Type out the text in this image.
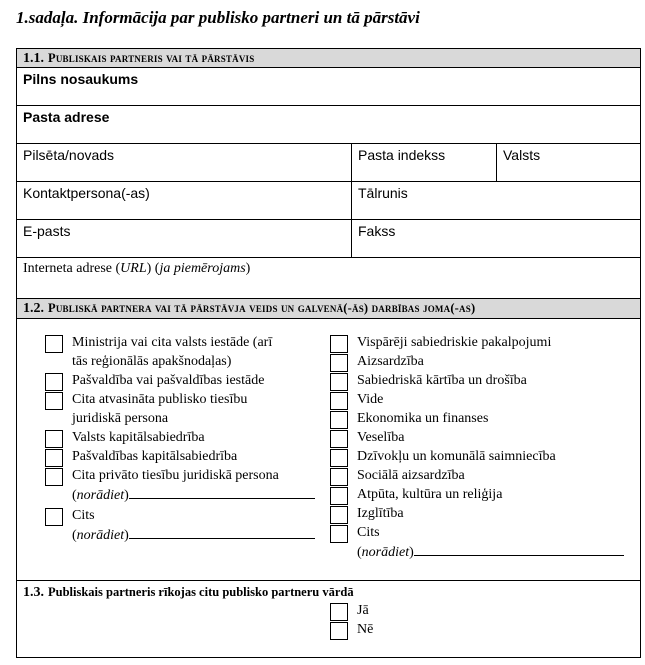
1.sadaļa. Informācija par publisko partneri un tā pārstāvi
1.1. Publiskais partneris vai tā pārstāvis
Pilns nosaukums
Pasta adrese
Pilsēta/novads	Pasta indekss	Valsts
Kontaktpersona(-as)	Tālrunis
E-pasts	Fakss
Interneta adrese (URL) (ja piemērojams)
1.2. Publiskā partnera vai tā pārstāvja veids un galvenā(-ās) darbības joma(-as)
Ministrija vai cita valsts iestāde (arī
tās reģionālās apakšnodaļas)
Pašvaldība vai pašvaldības iestāde
Cita atvasināta publisko tiesību
juridiskā persona
Valsts kapitālsabiedrība
Pašvaldības kapitālsabiedrība
Cita privāto tiesību juridiskā persona
(norādiet)
Cits
(norādiet)
Vispārēji sabiedriskie pakalpojumi
Aizsardzība
Sabiedriskā kārtība un drošība
Vide
Ekonomika un finanses
Veselība
Dzīvokļu un komunālā saimniecība
Sociālā aizsardzība
Atpūta, kultūra un reliģija
Izglītība
Cits
(norādiet)
1.3. Publiskais partneris rīkojas citu publisko partneru vārdā
Jā
Nē
